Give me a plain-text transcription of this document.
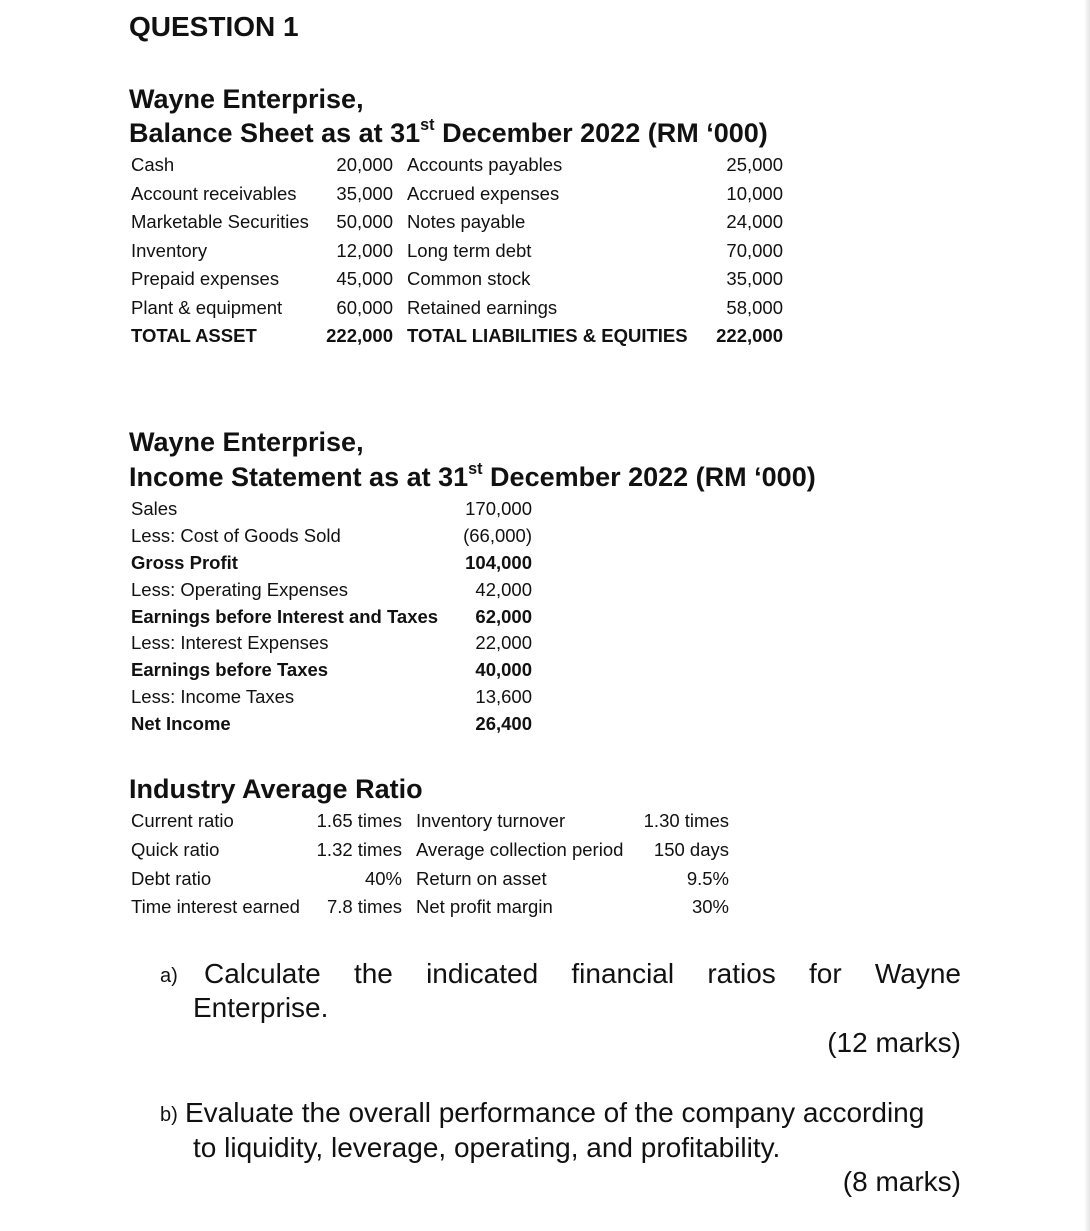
QUESTION 1
Wayne Enterprise,
Balance Sheet as at 31st December 2022 (RM ‘000)
Cash	20,000		Accounts payables	25,000
Account receivables	35,000		Accrued expenses	10,000
Marketable Securities	50,000		Notes payable	24,000
Inventory	12,000		Long term debt	70,000
Prepaid expenses	45,000		Common stock	35,000
Plant & equipment	60,000		Retained earnings	58,000
TOTAL ASSET	222,000		TOTAL LIABILITIES & EQUITIES	222,000
Wayne Enterprise,
Income Statement as at 31st December 2022 (RM ‘000)
Sales	170,000
Less: Cost of Goods Sold	(66,000)
Gross Profit	104,000
Less: Operating Expenses	42,000
Earnings before Interest and Taxes	62,000
Less: Interest Expenses	22,000
Earnings before Taxes	40,000
Less: Income Taxes	13,600
Net Income	26,400
Industry Average Ratio
Current ratio	1.65 times		Inventory turnover	1.30 times
Quick ratio	1.32 times		Average collection period	150 days
Debt ratio	40%		Return on asset	9.5%
Time interest earned	7.8 times		Net profit margin	30%
a) Calculate the indicated financial ratios for Wayne
Enterprise.
(12 marks)
b) Evaluate the overall performance of the company according
to liquidity, leverage, operating, and profitability.
(8 marks)
